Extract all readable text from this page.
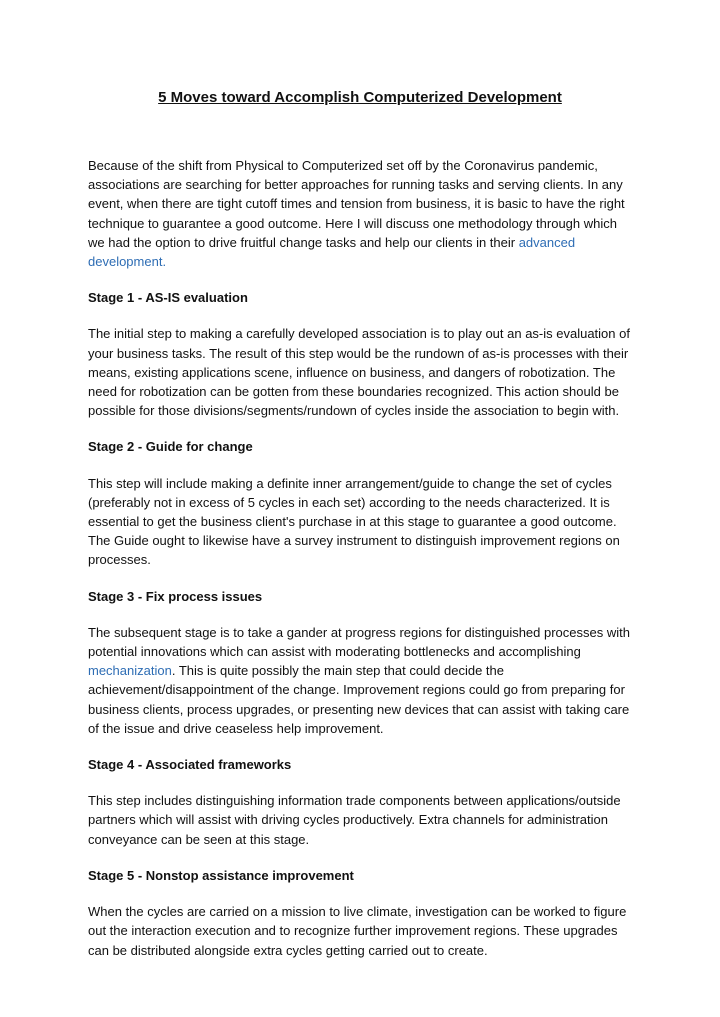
5 Moves toward Accomplish Computerized Development

Because of the shift from Physical to Computerized set off by the Coronavirus pandemic, associations are searching for better approaches for running tasks and serving clients. In any event, when there are tight cutoff times and tension from business, it is basic to have the right technique to guarantee a good outcome. Here I will discuss one methodology through which we had the option to drive fruitful change tasks and help our clients in their advanced development.

Stage 1 - AS-IS evaluation

The initial step to making a carefully developed association is to play out an as-is evaluation of your business tasks. The result of this step would be the rundown of as-is processes with their means, existing applications scene, influence on business, and dangers of robotization. The need for robotization can be gotten from these boundaries recognized. This action should be possible for those divisions/segments/rundown of cycles inside the association to begin with.

Stage 2 - Guide for change

This step will include making a definite inner arrangement/guide to change the set of cycles (preferably not in excess of 5 cycles in each set) according to the needs characterized. It is essential to get the business client's purchase in at this stage to guarantee a good outcome. The Guide ought to likewise have a survey instrument to distinguish improvement regions on processes.

Stage 3 - Fix process issues

The subsequent stage is to take a gander at progress regions for distinguished processes with potential innovations which can assist with moderating bottlenecks and accomplishing mechanization. This is quite possibly the main step that could decide the achievement/disappointment of the change. Improvement regions could go from preparing for business clients, process upgrades, or presenting new devices that can assist with taking care of the issue and drive ceaseless help improvement.

Stage 4 - Associated frameworks

This step includes distinguishing information trade components between applications/outside partners which will assist with driving cycles productively. Extra channels for administration conveyance can be seen at this stage.

Stage 5 - Nonstop assistance improvement

When the cycles are carried on a mission to live climate, investigation can be worked to figure out the interaction execution and to recognize further improvement regions. These upgrades can be distributed alongside extra cycles getting carried out to create.
